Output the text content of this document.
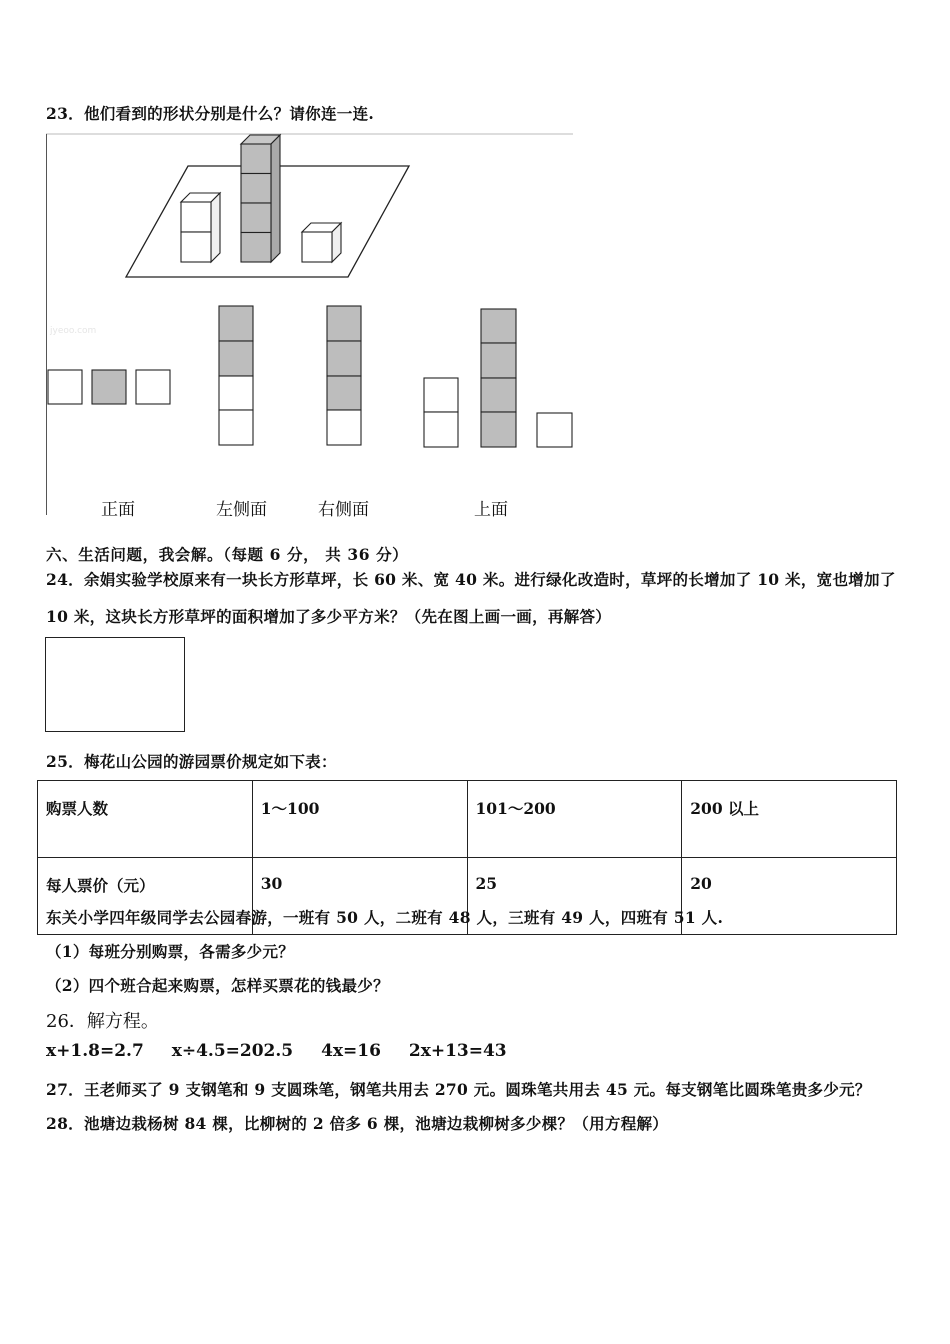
23．他们看到的形状分别是什么？请你连一连.
jyeoo.com
正面	左侧面	右侧面	上面
六、生活问题，我会解。（每题 6 分， 共 36 分）
24．余娟实验学校原来有一块长方形草坪，长 60 米、宽 40 米。进行绿化改造时，草坪的长增加了 10 米，宽也增加了
10 米，这块长方形草坪的面积增加了多少平方米？（先在图上画一画，再解答）
25．梅花山公园的游园票价规定如下表：
购票人数	1～100	101～200	200 以上
每人票价（元）	30	25	20
东关小学四年级同学去公园春游，一班有 50 人，二班有 48 人，三班有 49 人，四班有 51 人.
（1）每班分别购票，各需多少元？
（2）四个班合起来购票，怎样买票花的钱最少？
26．解方程。
x+1.8=2.7 x÷4.5=202.5 4x=16 2x+13=43
27．王老师买了 9 支钢笔和 9 支圆珠笔，钢笔共用去 270 元。圆珠笔共用去 45 元。每支钢笔比圆珠笔贵多少元？
28．池塘边栽杨树 84 棵，比柳树的 2 倍多 6 棵，池塘边栽柳树多少棵？（用方程解）
